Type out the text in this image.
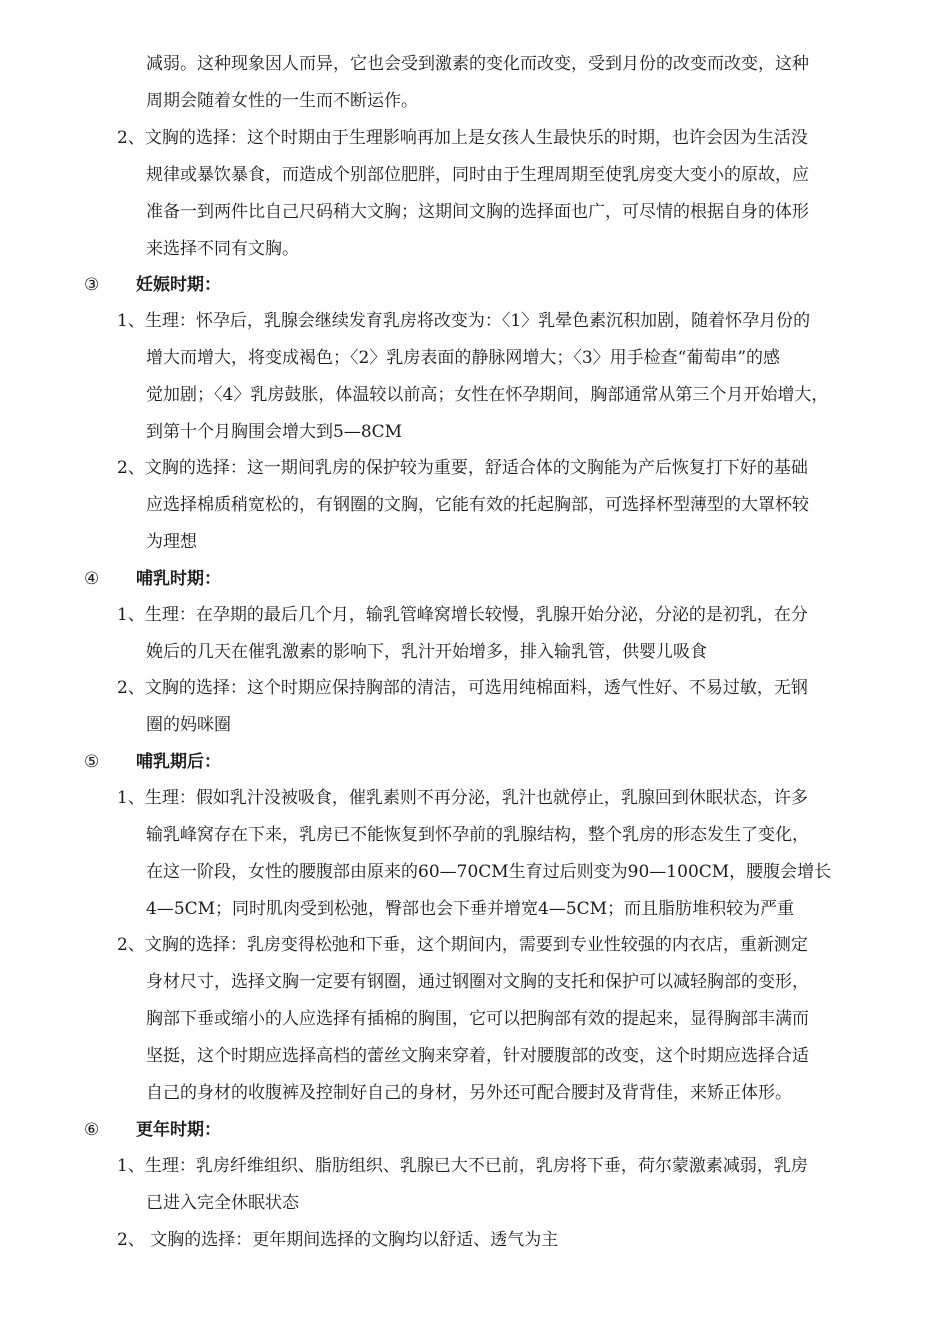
减弱。这种现象因人而异，它也会受到激素的变化而改变，受到月份的改变而改变，这种
周期会随着女性的一生而不断运作。
2、文胸的选择：这个时期由于生理影响再加上是女孩人生最快乐的时期，也许会因为生活没
规律或暴饮暴食，而造成个别部位肥胖，同时由于生理周期至使乳房变大变小的原故，应
准备一到两件比自己尺码稍大文胸；这期间文胸的选择面也广，可尽情的根据自身的体形
来选择不同有文胸。
③ 妊娠时期：
1、生理：怀孕后，乳腺会继续发育乳房将改变为：〈1〉乳晕色素沉积加剧，随着怀孕月份的
增大而增大，将变成褐色；〈2〉乳房表面的静脉网增大；〈3〉用手检查“葡萄串”的感
觉加剧；〈4〉乳房鼓胀，体温较以前高；女性在怀孕期间，胸部通常从第三个月开始增大，
到第十个月胸围会增大到5—8CM
2、文胸的选择：这一期间乳房的保护较为重要，舒适合体的文胸能为产后恢复打下好的基础
应选择棉质稍宽松的，有钢圈的文胸，它能有效的托起胸部，可选择杯型薄型的大罩杯较
为理想
④ 哺乳时期：
1、生理：在孕期的最后几个月，输乳管峰窝增长较慢，乳腺开始分泌，分泌的是初乳，在分
娩后的几天在催乳激素的影响下，乳汁开始增多，排入输乳管，供婴儿吸食
2、文胸的选择：这个时期应保持胸部的清洁，可选用纯棉面料，透气性好、不易过敏，无钢
圈的妈咪圈
⑤ 哺乳期后：
1、生理：假如乳汁没被吸食，催乳素则不再分泌，乳汁也就停止，乳腺回到休眠状态，许多
输乳峰窝存在下来，乳房已不能恢复到怀孕前的乳腺结构，整个乳房的形态发生了变化，
在这一阶段，女性的腰腹部由原来的60—70CM生育过后则变为90—100CM，腰腹会增长
4—5CM；同时肌肉受到松弛，臀部也会下垂并增宽4—5CM；而且脂肪堆积较为严重
2、文胸的选择：乳房变得松弛和下垂，这个期间内，需要到专业性较强的内衣店，重新测定
身材尺寸，选择文胸一定要有钢圈，通过钢圈对文胸的支托和保护可以减轻胸部的变形，
胸部下垂或缩小的人应选择有插棉的胸围，它可以把胸部有效的提起来，显得胸部丰满而
坚挺，这个时期应选择高档的蕾丝文胸来穿着，针对腰腹部的改变，这个时期应选择合适
自己的身材的收腹裤及控制好自己的身材，另外还可配合腰封及背背佳，来矫正体形。
⑥ 更年时期：
1、生理：乳房纤维组织、脂肪组织、乳腺已大不已前，乳房将下垂，荷尔蒙激素减弱，乳房
已进入完全休眠状态
2、 文胸的选择：更年期间选择的文胸均以舒适、透气为主
